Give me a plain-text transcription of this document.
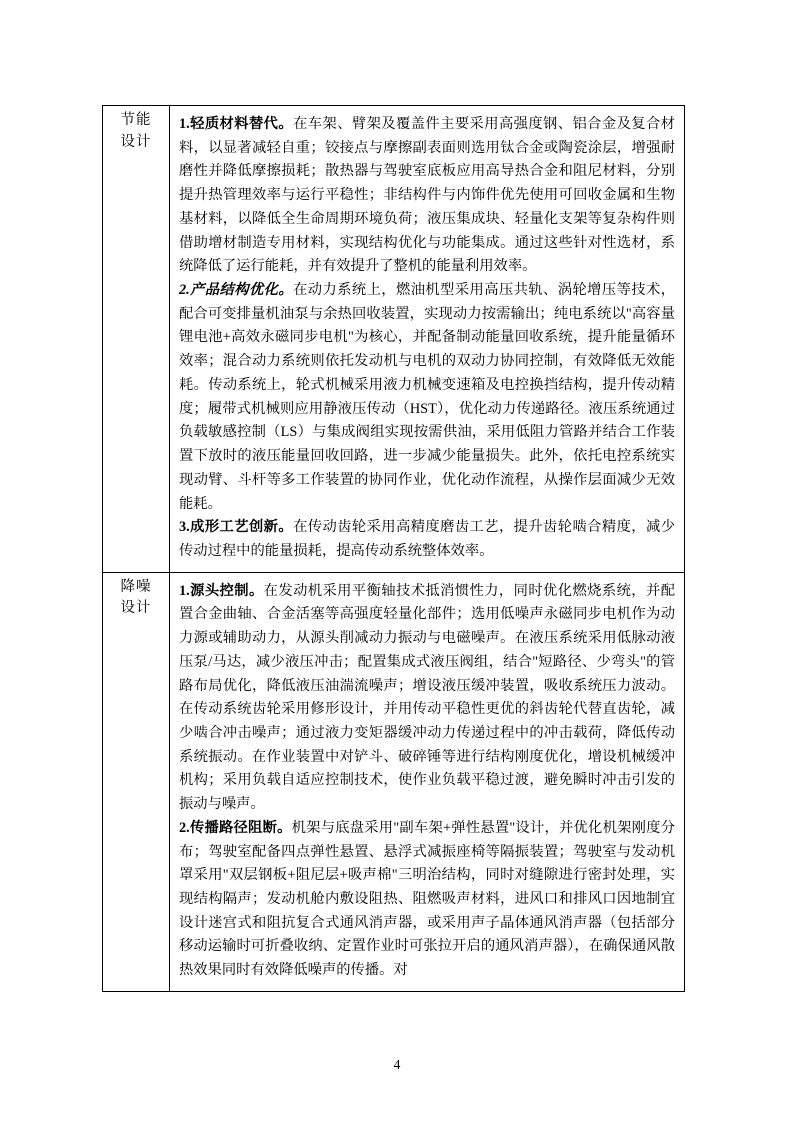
节能
设计

1.轻质材料替代。在车架、臂架及覆盖件主要采用高强度钢、铝合金及复合材料，以显著减轻自重；铰接点与摩擦副表面则选用钛合金或陶瓷涂层，增强耐磨性并降低摩擦损耗；散热器与驾驶室底板应用高导热合金和阻尼材料，分别提升热管理效率与运行平稳性；非结构件与内饰件优先使用可回收金属和生物基材料，以降低全生命周期环境负荷；液压集成块、轻量化支架等复杂构件则借助增材制造专用材料，实现结构优化与功能集成。通过这些针对性选材，系统降低了运行能耗，并有效提升了整机的能量利用效率。

2.产品结构优化。在动力系统上，燃油机型采用高压共轨、涡轮增压等技术，配合可变排量机油泵与余热回收装置，实现动力按需输出；纯电系统以"高容量锂电池+高效永磁同步电机"为核心，并配备制动能量回收系统，提升能量循环效率；混合动力系统则依托发动机与电机的双动力协同控制，有效降低无效能耗。传动系统上，轮式机械采用液力机械变速箱及电控换挡结构，提升传动精度；履带式机械则应用静液压传动（HST），优化动力传递路径。液压系统通过负载敏感控制（LS）与集成阀组实现按需供油，采用低阻力管路并结合工作装置下放时的液压能量回收回路，进一步减少能量损失。此外，依托电控系统实现动臂、斗杆等多工作装置的协同作业，优化动作流程，从操作层面减少无效能耗。

3.成形工艺创新。在传动齿轮采用高精度磨齿工艺，提升齿轮啮合精度，减少传动过程中的能量损耗，提高传动系统整体效率。

降噪
设计

1.源头控制。在发动机采用平衡轴技术抵消惯性力，同时优化燃烧系统，并配置合金曲轴、合金活塞等高强度轻量化部件；选用低噪声永磁同步电机作为动力源或辅助动力，从源头削减动力振动与电磁噪声。在液压系统采用低脉动液压泵/马达，减少液压冲击；配置集成式液压阀组，结合"短路径、少弯头"的管路布局优化，降低液压油湍流噪声；增设液压缓冲装置，吸收系统压力波动。在传动系统齿轮采用修形设计，并用传动平稳性更优的斜齿轮代替直齿轮，减少啮合冲击噪声；通过液力变矩器缓冲动力传递过程中的冲击载荷，降低传动系统振动。在作业装置中对铲斗、破碎锤等进行结构刚度优化，增设机械缓冲机构；采用负载自适应控制技术，使作业负载平稳过渡，避免瞬时冲击引发的振动与噪声。

2.传播路径阻断。机架与底盘采用"副车架+弹性悬置"设计，并优化机架刚度分布；驾驶室配备四点弹性悬置、悬浮式减振座椅等隔振装置；驾驶室与发动机罩采用"双层钢板+阻尼层+吸声棉"三明治结构，同时对缝隙进行密封处理，实现结构隔声；发动机舱内敷设阻热、阻燃吸声材料，进风口和排风口因地制宜设计迷宫式和阻抗复合式通风消声器，或采用声子晶体通风消声器（包括部分移动运输时可折叠收纳、定置作业时可张拉开启的通风消声器），在确保通风散热效果同时有效降低噪声的传播。对

4
